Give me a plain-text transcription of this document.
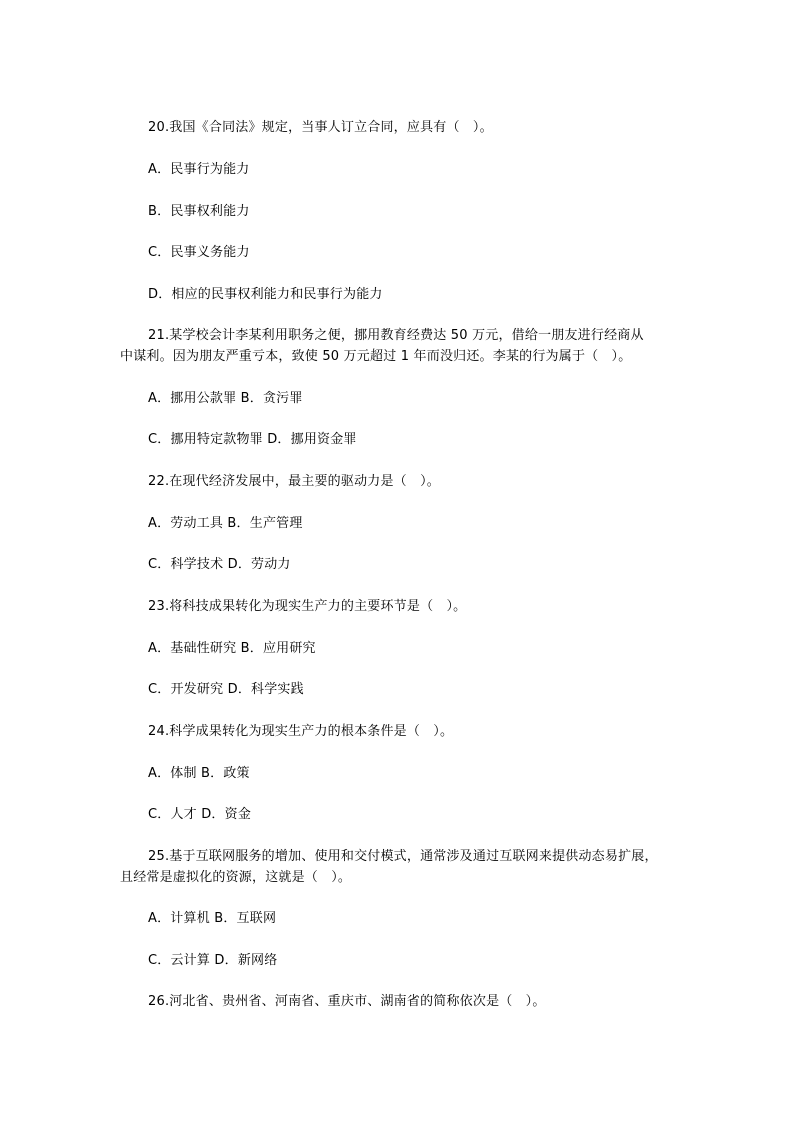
20.我国《合同法》规定，当事人订立合同，应具有（　）。
A．民事行为能力
B．民事权利能力
C．民事义务能力
D．相应的民事权利能力和民事行为能力
21.某学校会计李某利用职务之便，挪用教育经费达 50 万元，借给一朋友进行经商从
中谋利。因为朋友严重亏本，致使 50 万元超过 1 年而没归还。李某的行为属于（　）。
A．挪用公款罪 B．贪污罪
C．挪用特定款物罪 D．挪用资金罪
22.在现代经济发展中，最主要的驱动力是（　）。
A．劳动工具 B．生产管理
C．科学技术 D．劳动力
23.将科技成果转化为现实生产力的主要环节是（　）。
A．基础性研究 B．应用研究
C．开发研究 D．科学实践
24.科学成果转化为现实生产力的根本条件是（　）。
A．体制 B．政策
C．人才 D．资金
25.基于互联网服务的增加、使用和交付模式，通常涉及通过互联网来提供动态易扩展，
且经常是虚拟化的资源，这就是（　）。
A．计算机 B．互联网
C．云计算 D．新网络
26.河北省、贵州省、河南省、重庆市、湖南省的简称依次是（　）。
